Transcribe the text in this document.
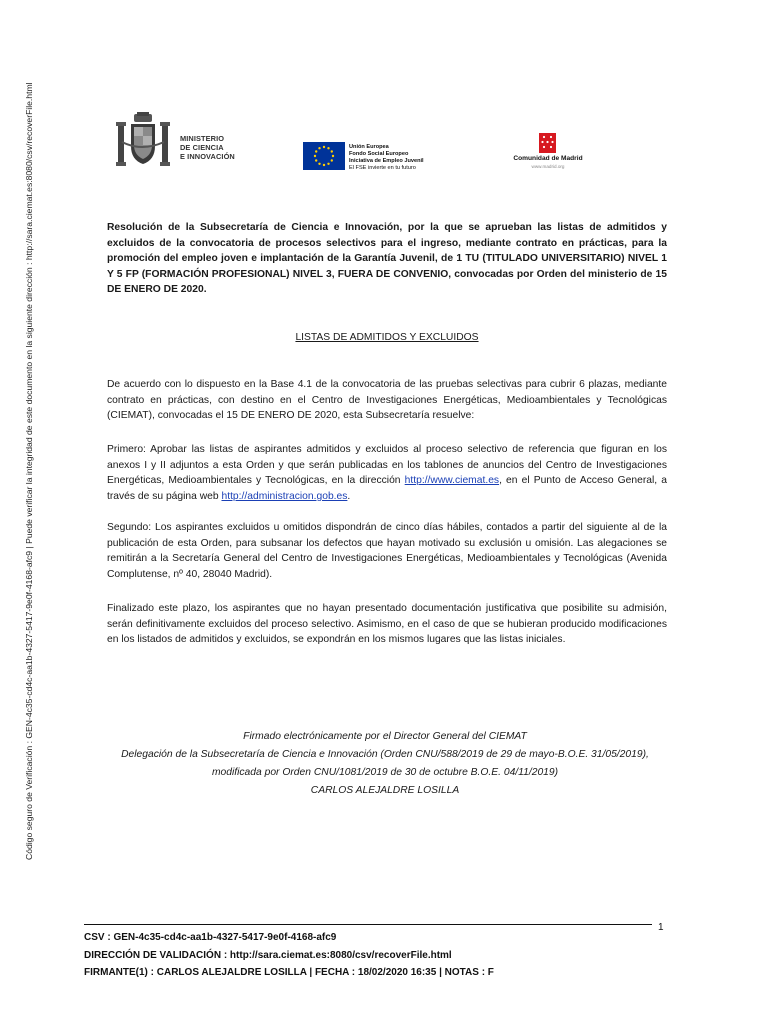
Código seguro de Verificación : GEN-4c35-cd4c-aa1b-4327-5417-9e0f-4168-afc9 | Puede verificar la integridad de este documento en la siguiente dirección : http://sara.ciemat.es:8080/csv/recoverFile.html	MINISTERIO
DE CIENCIA
E INNOVACIÓN
Unión Europea
Fondo Social Europeo
Iniciativa de Empleo Juvenil
El FSE invierte en tu futuro
Comunidad de Madrid
www.madrid.org
Resolución de la Subsecretaría de Ciencia e Innovación, por la que se aprueban las listas de admitidos y excluidos de la convocatoria de procesos selectivos para el ingreso, mediante contrato en prácticas, para la promoción del empleo joven e implantación de la Garantía Juvenil, de 1 TU (TITULADO UNIVERSITARIO) NIVEL 1 Y 5 FP (FORMACIÓN PROFESIONAL) NIVEL 3, FUERA DE CONVENIO, convocadas por Orden del ministerio de 15 DE ENERO DE 2020.
LISTAS DE ADMITIDOS Y EXCLUIDOS
De acuerdo con lo dispuesto en la Base 4.1 de la convocatoria de las pruebas selectivas para cubrir 6 plazas, mediante contrato en prácticas, con destino en el Centro de Investigaciones Energéticas, Medioambientales y Tecnológicas (CIEMAT), convocadas el 15 DE ENERO DE 2020, esta Subsecretaría resuelve:
Primero: Aprobar las listas de aspirantes admitidos y excluidos al proceso selectivo de referencia que figuran en los anexos I y II adjuntos a esta Orden y que serán publicadas en los tablones de anuncios del Centro de Investigaciones Energéticas, Medioambientales y Tecnológicas, en la dirección http://www.ciemat.es, en el Punto de Acceso General, a través de su página web http://administracion.gob.es.
Segundo: Los aspirantes excluidos u omitidos dispondrán de cinco días hábiles, contados a partir del siguiente al de la publicación de esta Orden, para subsanar los defectos que hayan motivado su exclusión u omisión. Las alegaciones se remitirán a la Secretaría General del Centro de Investigaciones Energéticas, Medioambientales y Tecnológicas (Avenida Complutense, nº 40, 28040 Madrid).
Finalizado este plazo, los aspirantes que no hayan presentado documentación justificativa que posibilite su admisión, serán definitivamente excluidos del proceso selectivo. Asimismo, en el caso de que se hubieran producido modificaciones en los listados de admitidos y excluidos, se expondrán en los mismos lugares que las listas iniciales.
Firmado electrónicamente por el Director General del CIEMAT
Delegación de la Subsecretaría de Ciencia e Innovación (Orden CNU/588/2019 de 29 de mayo-B.O.E. 31/05/2019),
modificada por Orden CNU/1081/2019 de 30 de octubre B.O.E. 04/11/2019)
CARLOS ALEJALDRE LOSILLA
1
CSV : GEN-4c35-cd4c-aa1b-4327-5417-9e0f-4168-afc9
DIRECCIÓN DE VALIDACIÓN : http://sara.ciemat.es:8080/csv/recoverFile.html
FIRMANTE(1) : CARLOS ALEJALDRE LOSILLA | FECHA : 18/02/2020 16:35 | NOTAS : F
